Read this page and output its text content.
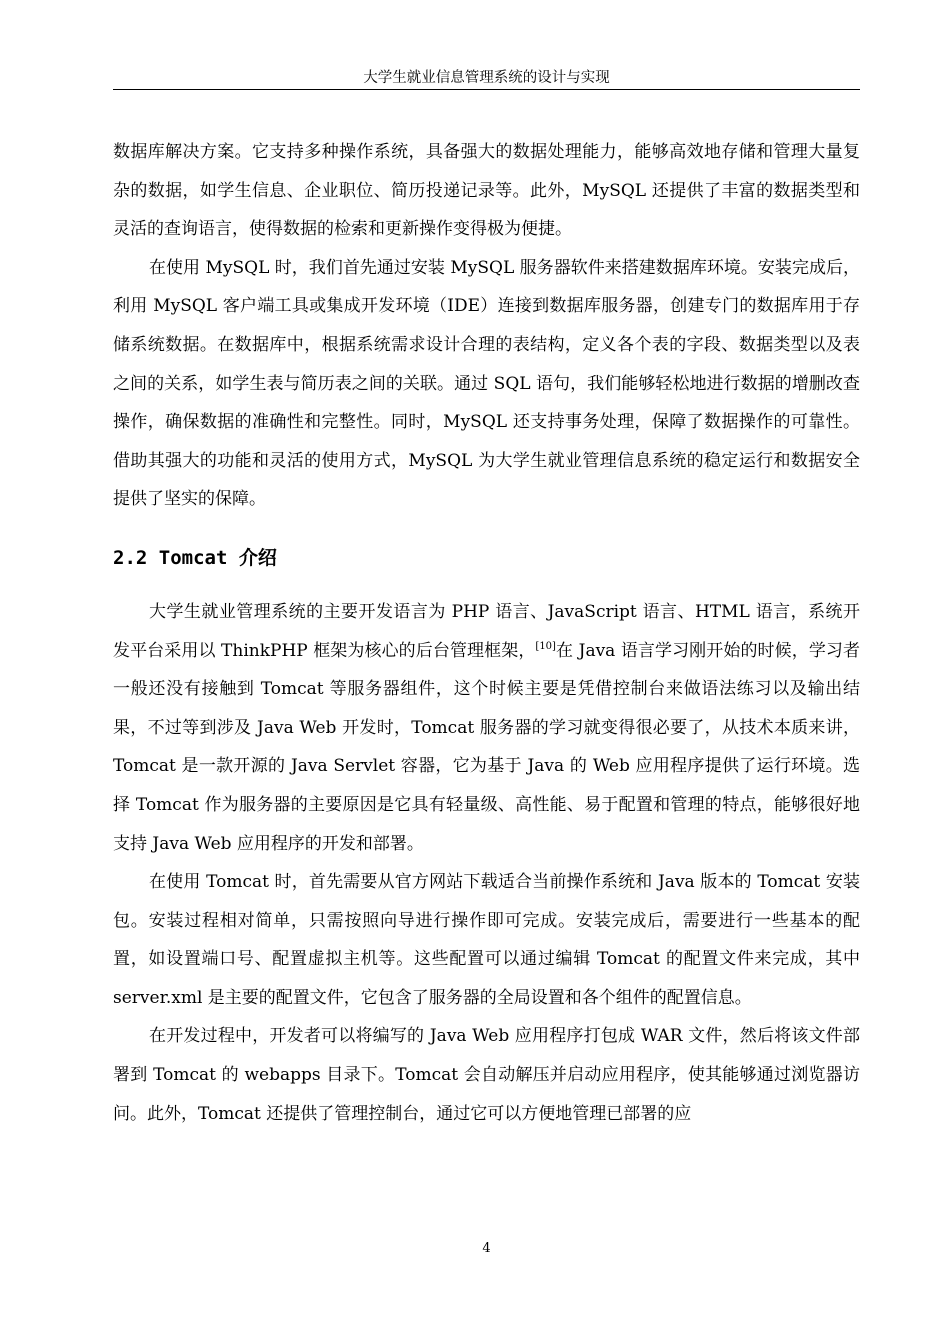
大学生就业信息管理系统的设计与实现

数据库解决方案。它支持多种操作系统，具备强大的数据处理能力，能够高效地存储和管理大量复杂的数据，如学生信息、企业职位、简历投递记录等。此外，MySQL 还提供了丰富的数据类型和灵活的查询语言，使得数据的检索和更新操作变得极为便捷。

在使用 MySQL 时，我们首先通过安装 MySQL 服务器软件来搭建数据库环境。安装完成后，利用 MySQL 客户端工具或集成开发环境（IDE）连接到数据库服务器，创建专门的数据库用于存储系统数据。在数据库中，根据系统需求设计合理的表结构，定义各个表的字段、数据类型以及表之间的关系，如学生表与简历表之间的关联。通过 SQL 语句，我们能够轻松地进行数据的增删改查操作，确保数据的准确性和完整性。同时，MySQL 还支持事务处理，保障了数据操作的可靠性。借助其强大的功能和灵活的使用方式，MySQL 为大学生就业管理信息系统的稳定运行和数据安全提供了坚实的保障。

2.2 Tomcat 介绍

大学生就业管理系统的主要开发语言为 PHP 语言、JavaScript 语言、HTML 语言，系统开发平台采用以 ThinkPHP 框架为核心的后台管理框架，[10]在 Java 语言学习刚开始的时候，学习者一般还没有接触到 Tomcat 等服务器组件，这个时候主要是凭借控制台来做语法练习以及输出结果，不过等到涉及 Java Web 开发时，Tomcat 服务器的学习就变得很必要了，从技术本质来讲，Tomcat 是一款开源的 Java Servlet 容器，它为基于 Java 的 Web 应用程序提供了运行环境。选择 Tomcat 作为服务器的主要原因是它具有轻量级、高性能、易于配置和管理的特点，能够很好地支持 Java Web 应用程序的开发和部署。

在使用 Tomcat 时，首先需要从官方网站下载适合当前操作系统和 Java 版本的 Tomcat 安装包。安装过程相对简单，只需按照向导进行操作即可完成。安装完成后，需要进行一些基本的配置，如设置端口号、配置虚拟主机等。这些配置可以通过编辑 Tomcat 的配置文件来完成，其中 server.xml 是主要的配置文件，它包含了服务器的全局设置和各个组件的配置信息。

在开发过程中，开发者可以将编写的 Java Web 应用程序打包成 WAR 文件，然后将该文件部署到 Tomcat 的 webapps 目录下。Tomcat 会自动解压并启动应用程序，使其能够通过浏览器访问。此外，Tomcat 还提供了管理控制台，通过它可以方便地管理已部署的应

4
